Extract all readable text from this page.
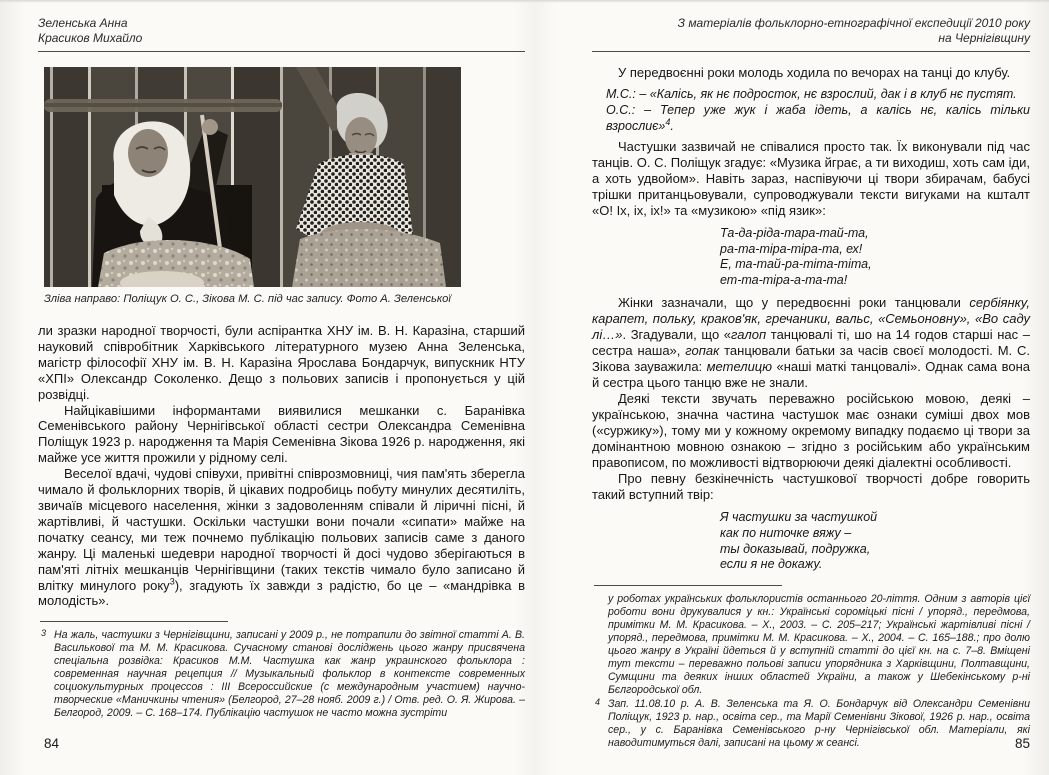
Зеленська Анна
Красиков Михайло
Зліва направо: Поліщук О. С., Зікова М. С. під час запису. Фото А. Зеленської
ли зразки народної творчості, були аспірантка ХНУ ім. В. Н. Каразіна, старший науковий співробітник Харківського літературного музею Анна Зеленська, магістр філософії ХНУ ім. В. Н. Каразіна Ярослава Бондарчук, випускник НТУ «ХПІ» Олександр Соколенко. Дещо з польових записів і пропонується у цій розвідці.
Найцікавішими інформантами виявилися мешканки с. Баранівка Семенівського району Чернігівської області сестри Олександра Семенівна Поліщук 1923 р. народження та Марія Семенівна Зікова 1926 р. народження, які майже усе життя прожили у рідному селі.
Веселої вдачі, чудові співухи, привітні співрозмовниці, чия пам'ять зберегла чимало й фольклорних творів, й цікавих подробиць побуту минулих десятиліть, звичаїв місцевого населення, жінки з задоволенням співали й ліричні пісні, й жартівливі, й частушки. Оскільки частушки вони почали «сипати» майже на початку сеансу, ми теж почнемо публікацію польових записів саме з даного жанру. Ці маленькі шедеври народної творчості й досі чудово зберігаються в пам'яті літніх мешканців Чернігівщини (таких текстів чимало було записано й влітку минулого року$^3$), згадують їх завжди з радістю, бо це – «мандрівка в молодість».
3 На жаль, частушки з Чернігівщини, записані у 2009 р., не потрапили до звітної статті А. В. Василькової та М. М. Красикова. Сучасному станові досліджень цього жанру присвячена спеціальна розвідка: Красиков М.М. Частушка как жанр украинского фольклора : современная научная рецепция // Музыкальный фольклор в контексте современных социокультурных процессов : ІІІ Всероссийские (с международным участием) научно-творческие «Маничкины чтения» (Белгород, 27–28 нояб. 2009 г.) / Отв. ред. О. Я. Жирова. – Белгород, 2009. – С. 168–174. Публікацію частушок не часто можна зустріти
84
З матеріалів фольклорно-етнографічної експедиції 2010 року
на Чернігівщину
У передвоєнні роки молодь ходила по вечорах на танці до клубу.
М.С.: – «Калісь, як нє подросток, нє взрослий, дак і в клуб нє пустят.
О.С.: – Тепер уже жук і жаба ідеть, а калісь нє, калісь тільки взрослиє»$^4$.
Частушки зазвичай не співалися просто так. Їх виконували під час танців. О. С. Поліщук згадує: «Музика йграє, а ти виходиш, хоть сам іди, а хоть удвойом». Навіть зараз, наспівуючи ці твори збирачам, бабусі трішки пританцьовували, супроводжували тексти вигуками на кшталт «О! Іх, іх, іх!» та «музикою» «під язик»:
Та-да-ріда-тара-тай-та,
ра-та-тіра-тіра-та, ех!
Е, та-тай-ра-тіта-тіта,
ет-та-тіра-а-та-та!
Жінки зазначали, що у передвоєнні роки танцювали сербіянку, карапет, польку, краков'як, гречаники, вальс, «Семьоновну», «Во саду лі…». Згадували, що «галоп танцювалі ті, шо на 14 годов старші нас – сестра наша», гопак танцювали батьки за часів своєї молодості. М. С. Зікова зауважила: метелицю «наші маткі танцовалі». Однак сама вона й сестра цього танцю вже не знали.
Деякі тексти звучать переважно російською мовою, деякі – українською, значна частина частушок має ознаки суміші двох мов («суржику»), тому ми у кожному окремому випадку подаємо ці твори за домінантною мовною ознакою – згідно з російським або українським правописом, по можливості відтворюючи деякі діалектні особливості.
Про певну безкінечність частушкової творчості добре говорить такий вступний твір:
Я частушки за частушкой
как по ниточке вяжу –
ты доказывай, подружка,
если я не докажу.
у роботах українських фольклористів останнього 20-ліття. Одним з авторів цієї роботи вони друкувалися у кн.: Українські сороміцькі пісні / упоряд., передмова, примітки М. М. Красикова. – Х., 2003. – С. 205–217; Українські жартівливі пісні / упоряд., передмова, примітки М. М. Красикова. – Х., 2004. – С. 165–188.; про долю цього жанру в Україні йдеться й у вступній статті до цієї кн. на с. 7–8. Вміщені тут тексти – переважно польові записи упорядника з Харківщини, Полтавщини, Сумщини та деяких інших областей України, а також у Шебекінському р-ні Бєлгородської обл.
4 Зап. 11.08.10 р. А. В. Зеленська та Я. О. Бондарчук від Олександри Семенівни Поліщук, 1923 р. нар., освіта сер., та Марії Семенівни Зікової, 1926 р. нар., освіта сер., у с. Баранівка Семенівського р-ну Чернігівської обл. Матеріали, які наводитимуться далі, записані на цьому ж сеансі.	85
